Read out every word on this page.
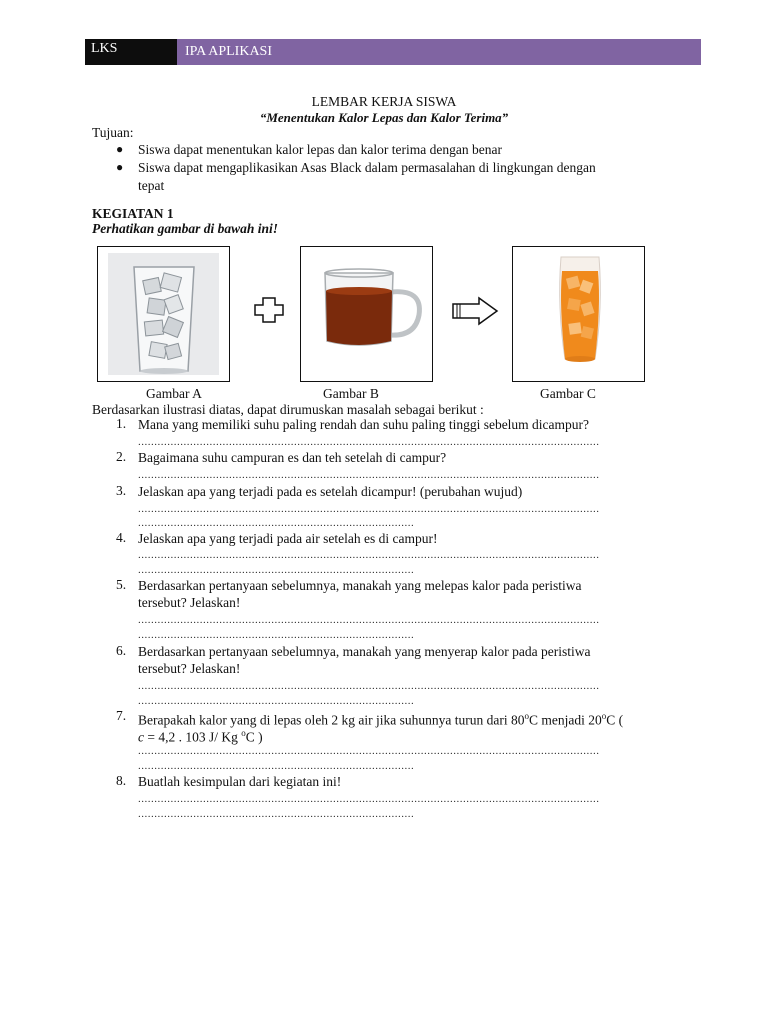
LKS	IPA APLIKASI
LEMBAR KERJA SISWA
“Menentukan Kalor Lepas dan Kalor Terima”
Tujuan:
● Siswa dapat menentukan kalor lepas dan kalor terima dengan benar
● Siswa dapat mengaplikasikan Asas Black dalam permasalahan di lingkungan dengan
tepat
KEGIATAN 1
Perhatikan gambar di bawah ini!
Gambar A	Gambar B	Gambar C
Berdasarkan ilustrasi diatas, dapat dirumuskan masalah sebagai berikut :
1. Mana yang memiliki suhu paling rendah dan suhu paling tinggi sebelum dicampur?
..............................................................................................................................................
2. Bagaimana suhu campuran es dan teh setelah di campur?
..............................................................................................................................................
3. Jelaskan apa yang terjadi pada es setelah dicampur! (perubahan wujud)
..............................................................................................................................................
.....................................................................................
4. Jelaskan apa yang terjadi pada air setelah es di campur!
..............................................................................................................................................
.....................................................................................
5. Berdasarkan pertanyaan sebelumnya, manakah yang melepas kalor pada peristiwa
tersebut? Jelaskan!
..............................................................................................................................................
.....................................................................................
6. Berdasarkan pertanyaan sebelumnya, manakah yang menyerap kalor pada peristiwa
tersebut? Jelaskan!
..............................................................................................................................................
.....................................................................................
7. Berapakah kalor yang di lepas oleh 2 kg air jika suhunnya turun dari 80$^o$C menjadi 20$^o$C (
c = 4,2 . 103 J/ Kg $^o$C )
..............................................................................................................................................
.....................................................................................
8. Buatlah kesimpulan dari kegiatan ini!
..............................................................................................................................................
.....................................................................................
